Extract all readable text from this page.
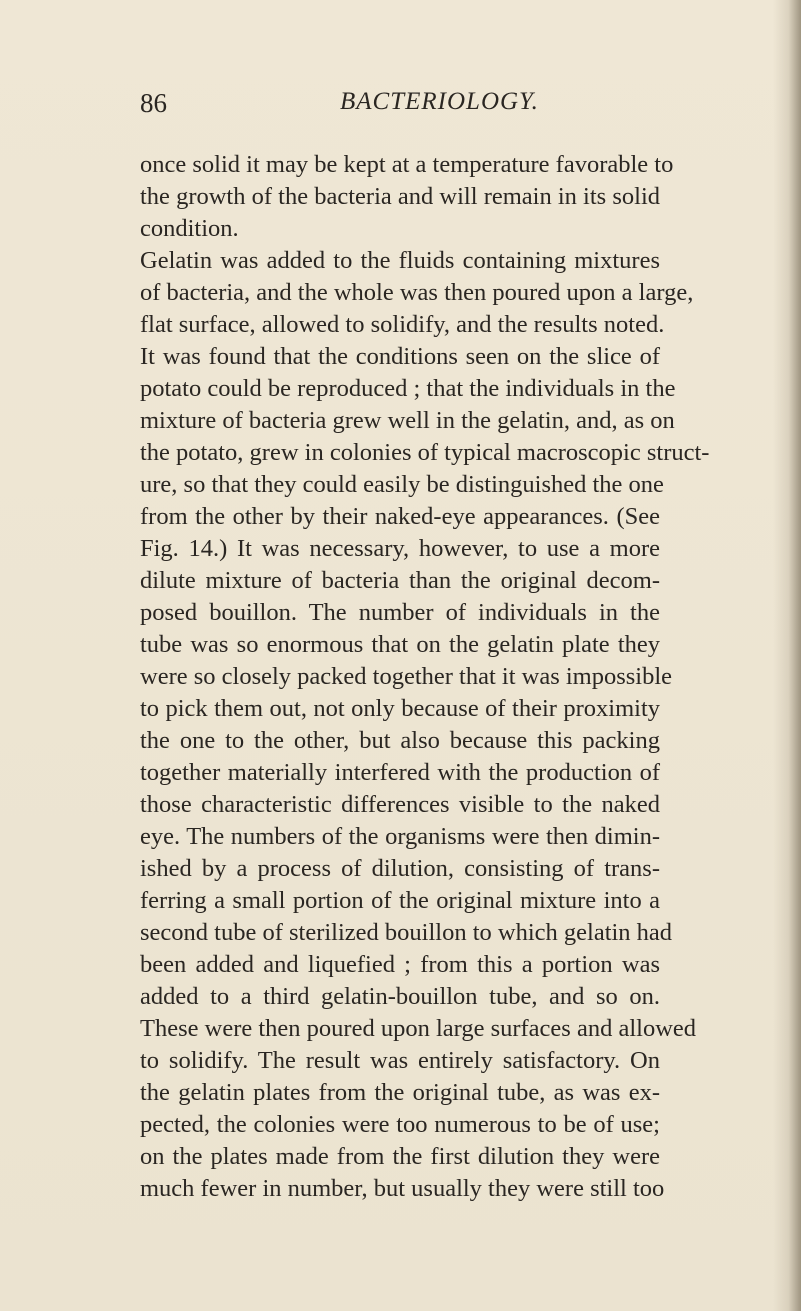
86	BACTERIOLOGY.
once solid it may be kept at a temperature favorable to
the growth of the bacteria and will remain in its solid
condition.
Gelatin was added to the fluids containing mixtures
of bacteria, and the whole was then poured upon a large,
flat surface, allowed to solidify, and the results noted.
It was found that the conditions seen on the slice of
potato could be reproduced ; that the individuals in the
mixture of bacteria grew well in the gelatin, and, as on
the potato, grew in colonies of typical macroscopic struct-
ure, so that they could easily be distinguished the one
from the other by their naked-eye appearances. (See
Fig. 14.) It was necessary, however, to use a more
dilute mixture of bacteria than the original decom-
posed bouillon. The number of individuals in the
tube was so enormous that on the gelatin plate they
were so closely packed together that it was impossible
to pick them out, not only because of their proximity
the one to the other, but also because this packing
together materially interfered with the production of
those characteristic differences visible to the naked
eye. The numbers of the organisms were then dimin-
ished by a process of dilution, consisting of trans-
ferring a small portion of the original mixture into a
second tube of sterilized bouillon to which gelatin had
been added and liquefied ; from this a portion was
added to a third gelatin-bouillon tube, and so on.
These were then poured upon large surfaces and allowed
to solidify. The result was entirely satisfactory. On
the gelatin plates from the original tube, as was ex-
pected, the colonies were too numerous to be of use;
on the plates made from the first dilution they were
much fewer in number, but usually they were still too
